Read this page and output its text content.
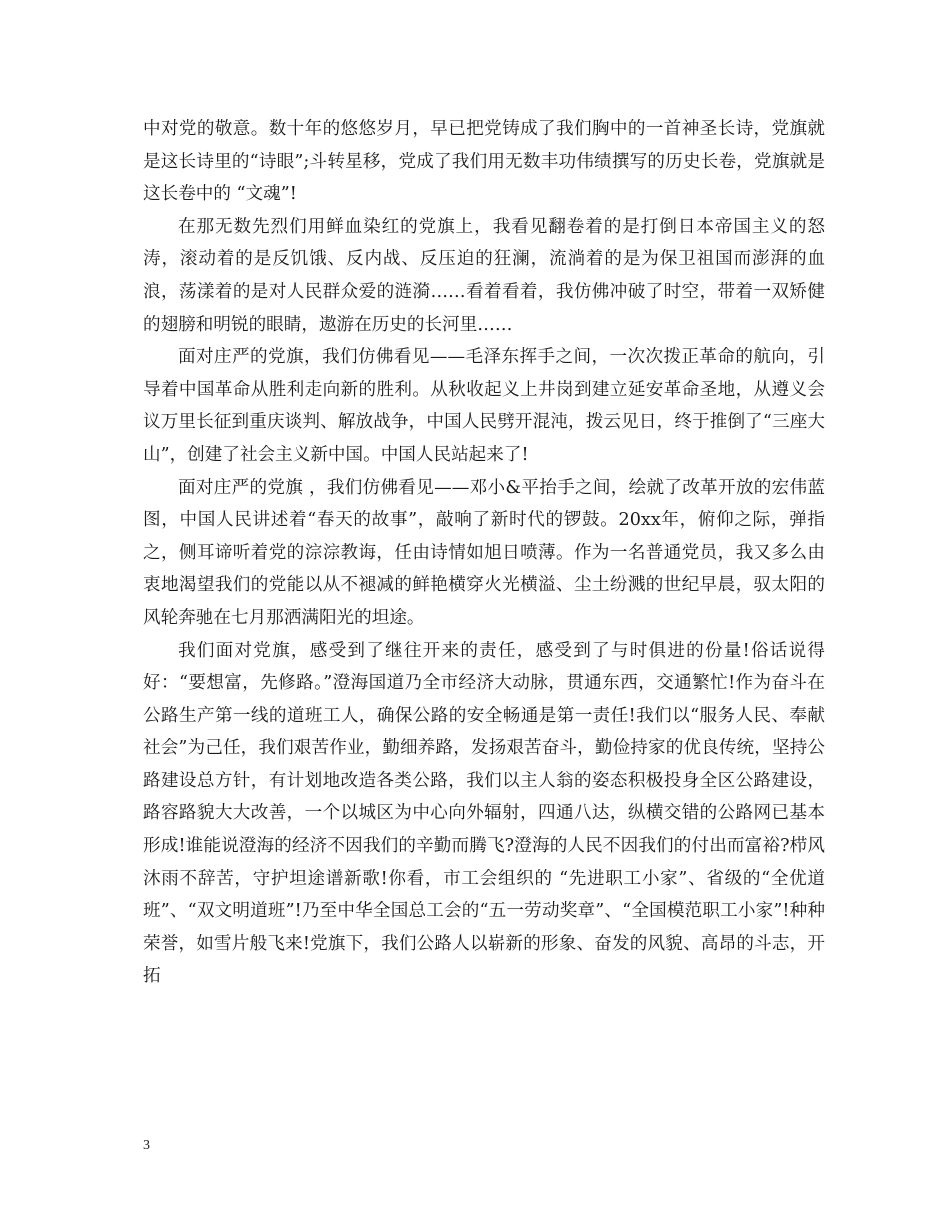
中对党的敬意。数十年的悠悠岁月，早已把党铸成了我们胸中的一首神圣长诗，党旗就是这长诗里的“诗眼”;斗转星移，党成了我们用无数丰功伟绩撰写的历史长卷，党旗就是这长卷中的 “文魂”!

在那无数先烈们用鲜血染红的党旗上，我看见翻卷着的是打倒日本帝国主义的怒涛，滚动着的是反饥饿、反内战、反压迫的狂澜，流淌着的是为保卫祖国而澎湃的血浪，荡漾着的是对人民群众爱的涟漪……看着看着，我仿佛冲破了时空，带着一双矫健的翅膀和明锐的眼睛，遨游在历史的长河里……

面对庄严的党旗，我们仿佛看见——毛泽东挥手之间，一次次拨正革命的航向，引导着中国革命从胜利走向新的胜利。从秋收起义上井岗到建立延安革命圣地，从遵义会议万里长征到重庆谈判、解放战争，中国人民劈开混沌，拨云见日，终于推倒了“三座大山”，创建了社会主义新中国。中国人民站起来了!

面对庄严的党旗 ，我们仿佛看见——邓小&平抬手之间，绘就了改革开放的宏伟蓝图，中国人民讲述着“春天的故事”，敲响了新时代的锣鼓。20xx年，俯仰之际，弹指之，侧耳谛听着党的淙淙教诲，任由诗情如旭日喷薄。作为一名普通党员，我又多么由衷地渴望我们的党能以从不褪减的鲜艳横穿火光横溢、尘土纷溅的世纪早晨，驭太阳的风轮奔驰在七月那洒满阳光的坦途。

我们面对党旗，感受到了继往开来的责任，感受到了与时俱进的份量!俗话说得好：“要想富，先修路。”澄海国道乃全市经济大动脉，贯通东西，交通繁忙!作为奋斗在公路生产第一线的道班工人，确保公路的安全畅通是第一责任!我们以“服务人民、奉献社会”为己任，我们艰苦作业，勤细养路，发扬艰苦奋斗，勤俭持家的优良传统，坚持公路建设总方针，有计划地改造各类公路，我们以主人翁的姿态积极投身全区公路建设，路容路貌大大改善，一个以城区为中心向外辐射，四通八达，纵横交错的公路网已基本形成!谁能说澄海的经济不因我们的辛勤而腾飞?澄海的人民不因我们的付出而富裕?栉风沐雨不辞苦，守护坦途谱新歌!你看，市工会组织的 “先进职工小家”、省级的“全优道班”、“双文明道班”!乃至中华全国总工会的“五一劳动奖章”、“全国模范职工小家”!种种荣誉，如雪片般飞来!党旗下，我们公路人以崭新的形象、奋发的风貌、高昂的斗志，开拓

3
